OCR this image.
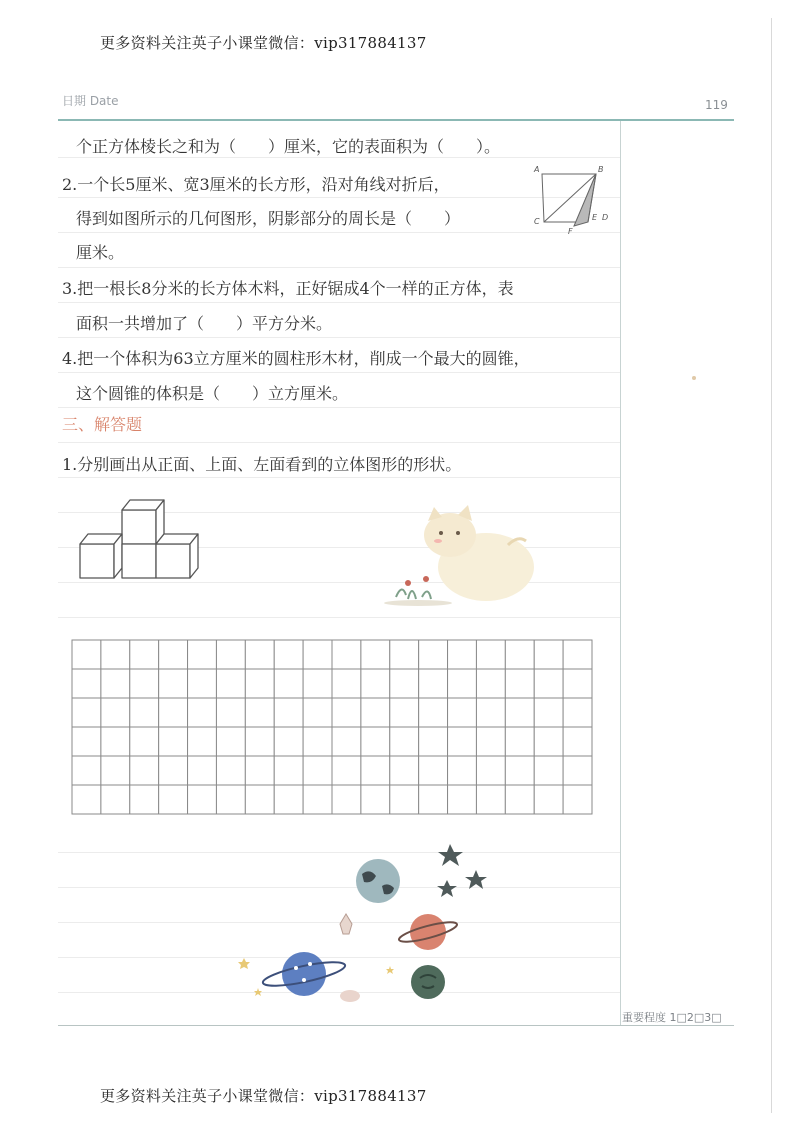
更多资料关注英子小课堂微信：vip317884137
日期 Date	119
个正方体棱长之和为（　　）厘米，它的表面积为（　　）。
2.一个长5厘米、宽3厘米的长方形，沿对角线对折后，
得到如图所示的几何图形，阴影部分的周长是（　　）
厘米。
3.把一根长8分米的长方体木料，正好锯成4个一样的正方体，表
面积一共增加了（　　）平方分米。
4.把一个体积为63立方厘米的圆柱形木材，削成一个最大的圆锥，
这个圆锥的体积是（　　）立方厘米。
A	B
C	E D
F
三、解答题
1.分别画出从正面、上面、左面看到的立体图形的形状。
重要程度 1□2□3□
更多资料关注英子小课堂微信：vip317884137
